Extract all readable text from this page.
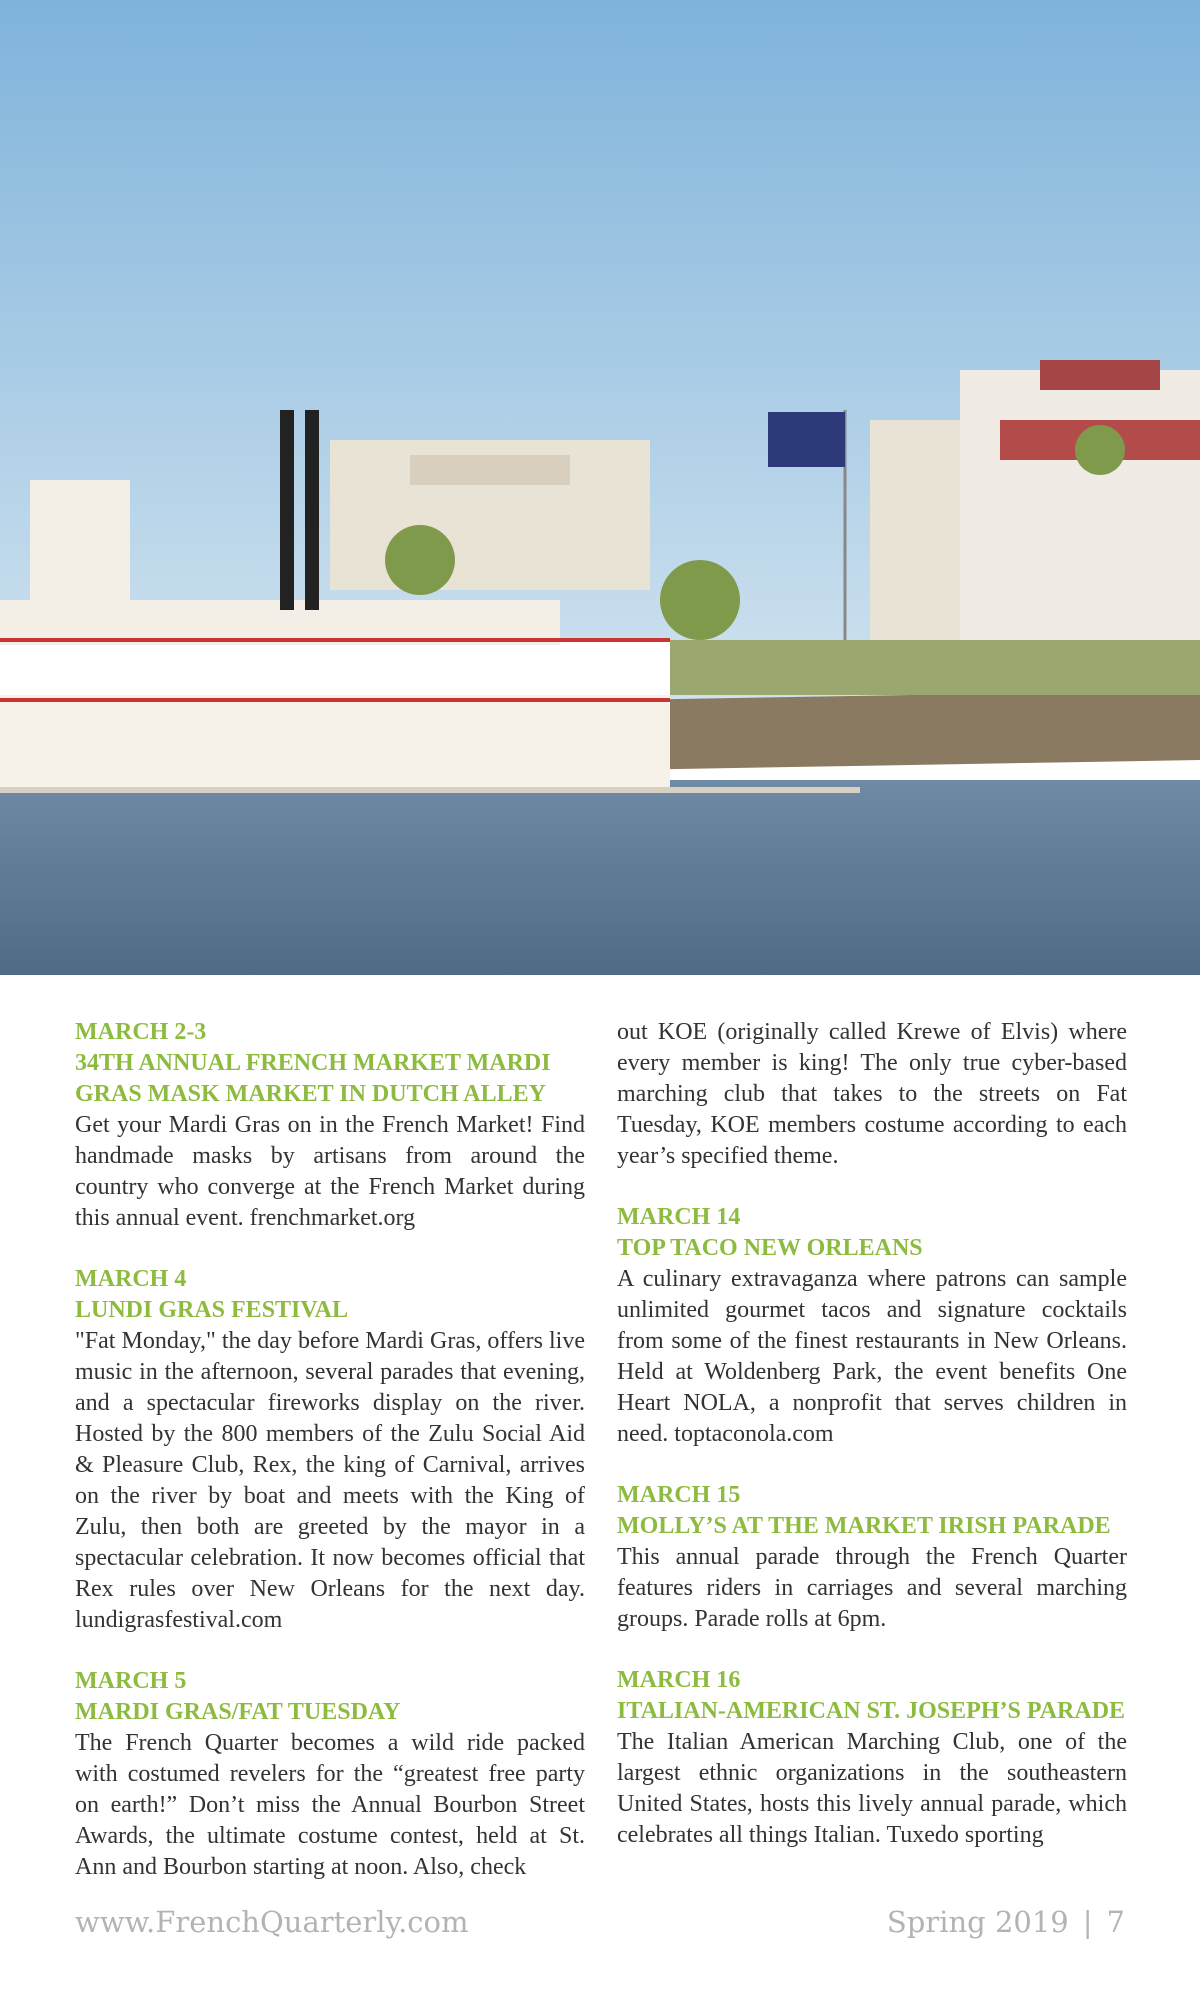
MARCH 2-3
34TH ANNUAL FRENCH MARKET MARDI GRAS MASK MARKET IN DUTCH ALLEY

Get your Mardi Gras on in the French Market! Find handmade masks by artisans from around the country who converge at the French Market during this annual event. frenchmarket.org

MARCH 4
LUNDI GRAS FESTIVAL

"Fat Monday," the day before Mardi Gras, offers live music in the afternoon, several parades that evening, and a spectacular fireworks display on the river. Hosted by the 800 members of the Zulu Social Aid & Pleasure Club, Rex, the king of Carnival, arrives on the river by boat and meets with the King of Zulu, then both are greeted by the mayor in a spectacular celebration. It now becomes official that Rex rules over New Orleans for the next day. lundigrasfestival.com

MARCH 5
MARDI GRAS/FAT TUESDAY

The French Quarter becomes a wild ride packed with costumed revelers for the “greatest free party on earth!” Don’t miss the Annual Bourbon Street Awards, the ultimate costume contest, held at St. Ann and Bourbon starting at noon. Also, check

out KOE (originally called Krewe of Elvis) where every member is king! The only true cyber-based marching club that takes to the streets on Fat Tuesday, KOE members costume according to each year’s specified theme.

MARCH 14
TOP TACO NEW ORLEANS

A culinary extravaganza where patrons can sample unlimited gourmet tacos and signature cocktails from some of the finest restaurants in New Orleans. Held at Woldenberg Park, the event benefits One Heart NOLA, a nonprofit that serves children in need. toptaconola.com

MARCH 15
MOLLY’S AT THE MARKET IRISH PARADE

This annual parade through the French Quarter features riders in carriages and several marching groups. Parade rolls at 6pm.

MARCH 16
ITALIAN-AMERICAN ST. JOSEPH’S PARADE

The Italian American Marching Club, one of the largest ethnic organizations in the southeastern United States, hosts this lively annual parade, which celebrates all things Italian. Tuxedo sporting

www.FrenchQuarterly.com	Spring 2019 | 7
